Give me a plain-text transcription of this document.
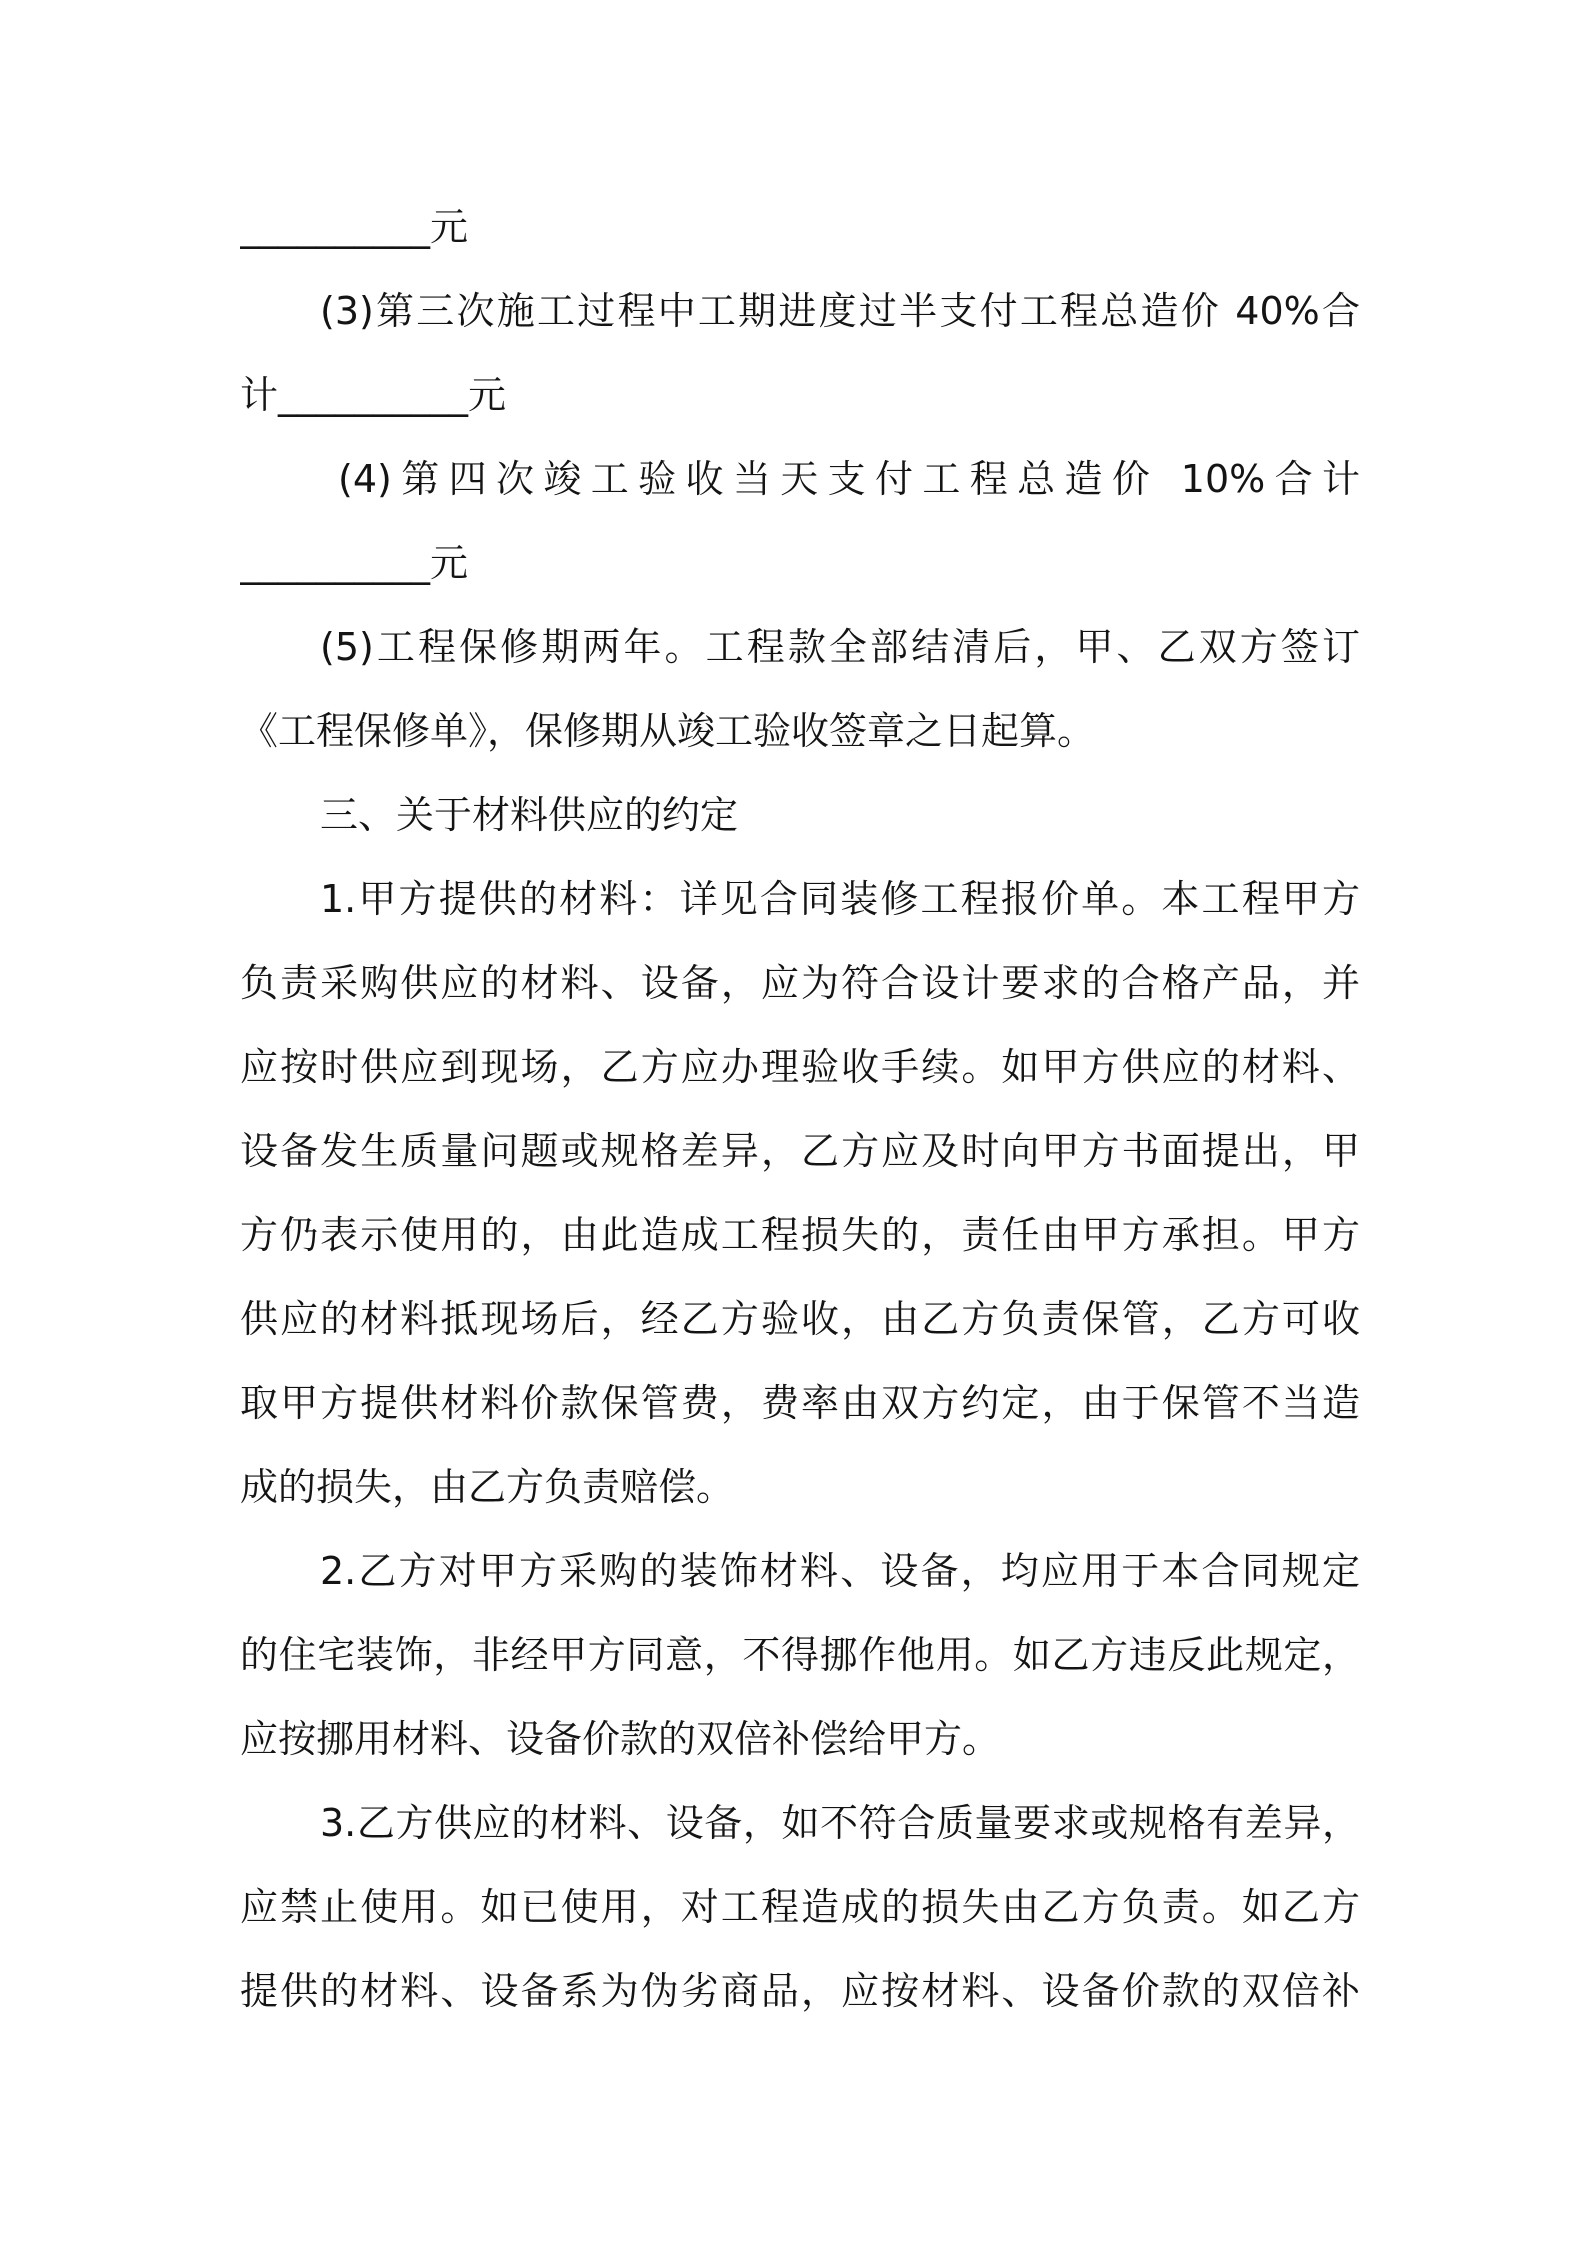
__________元
(3)第三次施工过程中工期进度过半支付工程总造价 40%合
计__________元
(4)第四次竣工验收当天支付工程总造价 10%合计
__________元
(5)工程保修期两年。工程款全部结清后，甲、乙双方签订
《工程保修单》，保修期从竣工验收签章之日起算。
三、关于材料供应的约定
1.甲方提供的材料：详见合同装修工程报价单。本工程甲方
负责采购供应的材料、设备，应为符合设计要求的合格产品，并
应按时供应到现场，乙方应办理验收手续。如甲方供应的材料、
设备发生质量问题或规格差异，乙方应及时向甲方书面提出，甲
方仍表示使用的，由此造成工程损失的，责任由甲方承担。甲方
供应的材料抵现场后，经乙方验收，由乙方负责保管，乙方可收
取甲方提供材料价款保管费，费率由双方约定，由于保管不当造
成的损失，由乙方负责赔偿。
2.乙方对甲方采购的装饰材料、设备，均应用于本合同规定
的住宅装饰，非经甲方同意，不得挪作他用。如乙方违反此规定，
应按挪用材料、设备价款的双倍补偿给甲方。
3.乙方供应的材料、设备，如不符合质量要求或规格有差异，
应禁止使用。如已使用，对工程造成的损失由乙方负责。如乙方
提供的材料、设备系为伪劣商品，应按材料、设备价款的双倍补
